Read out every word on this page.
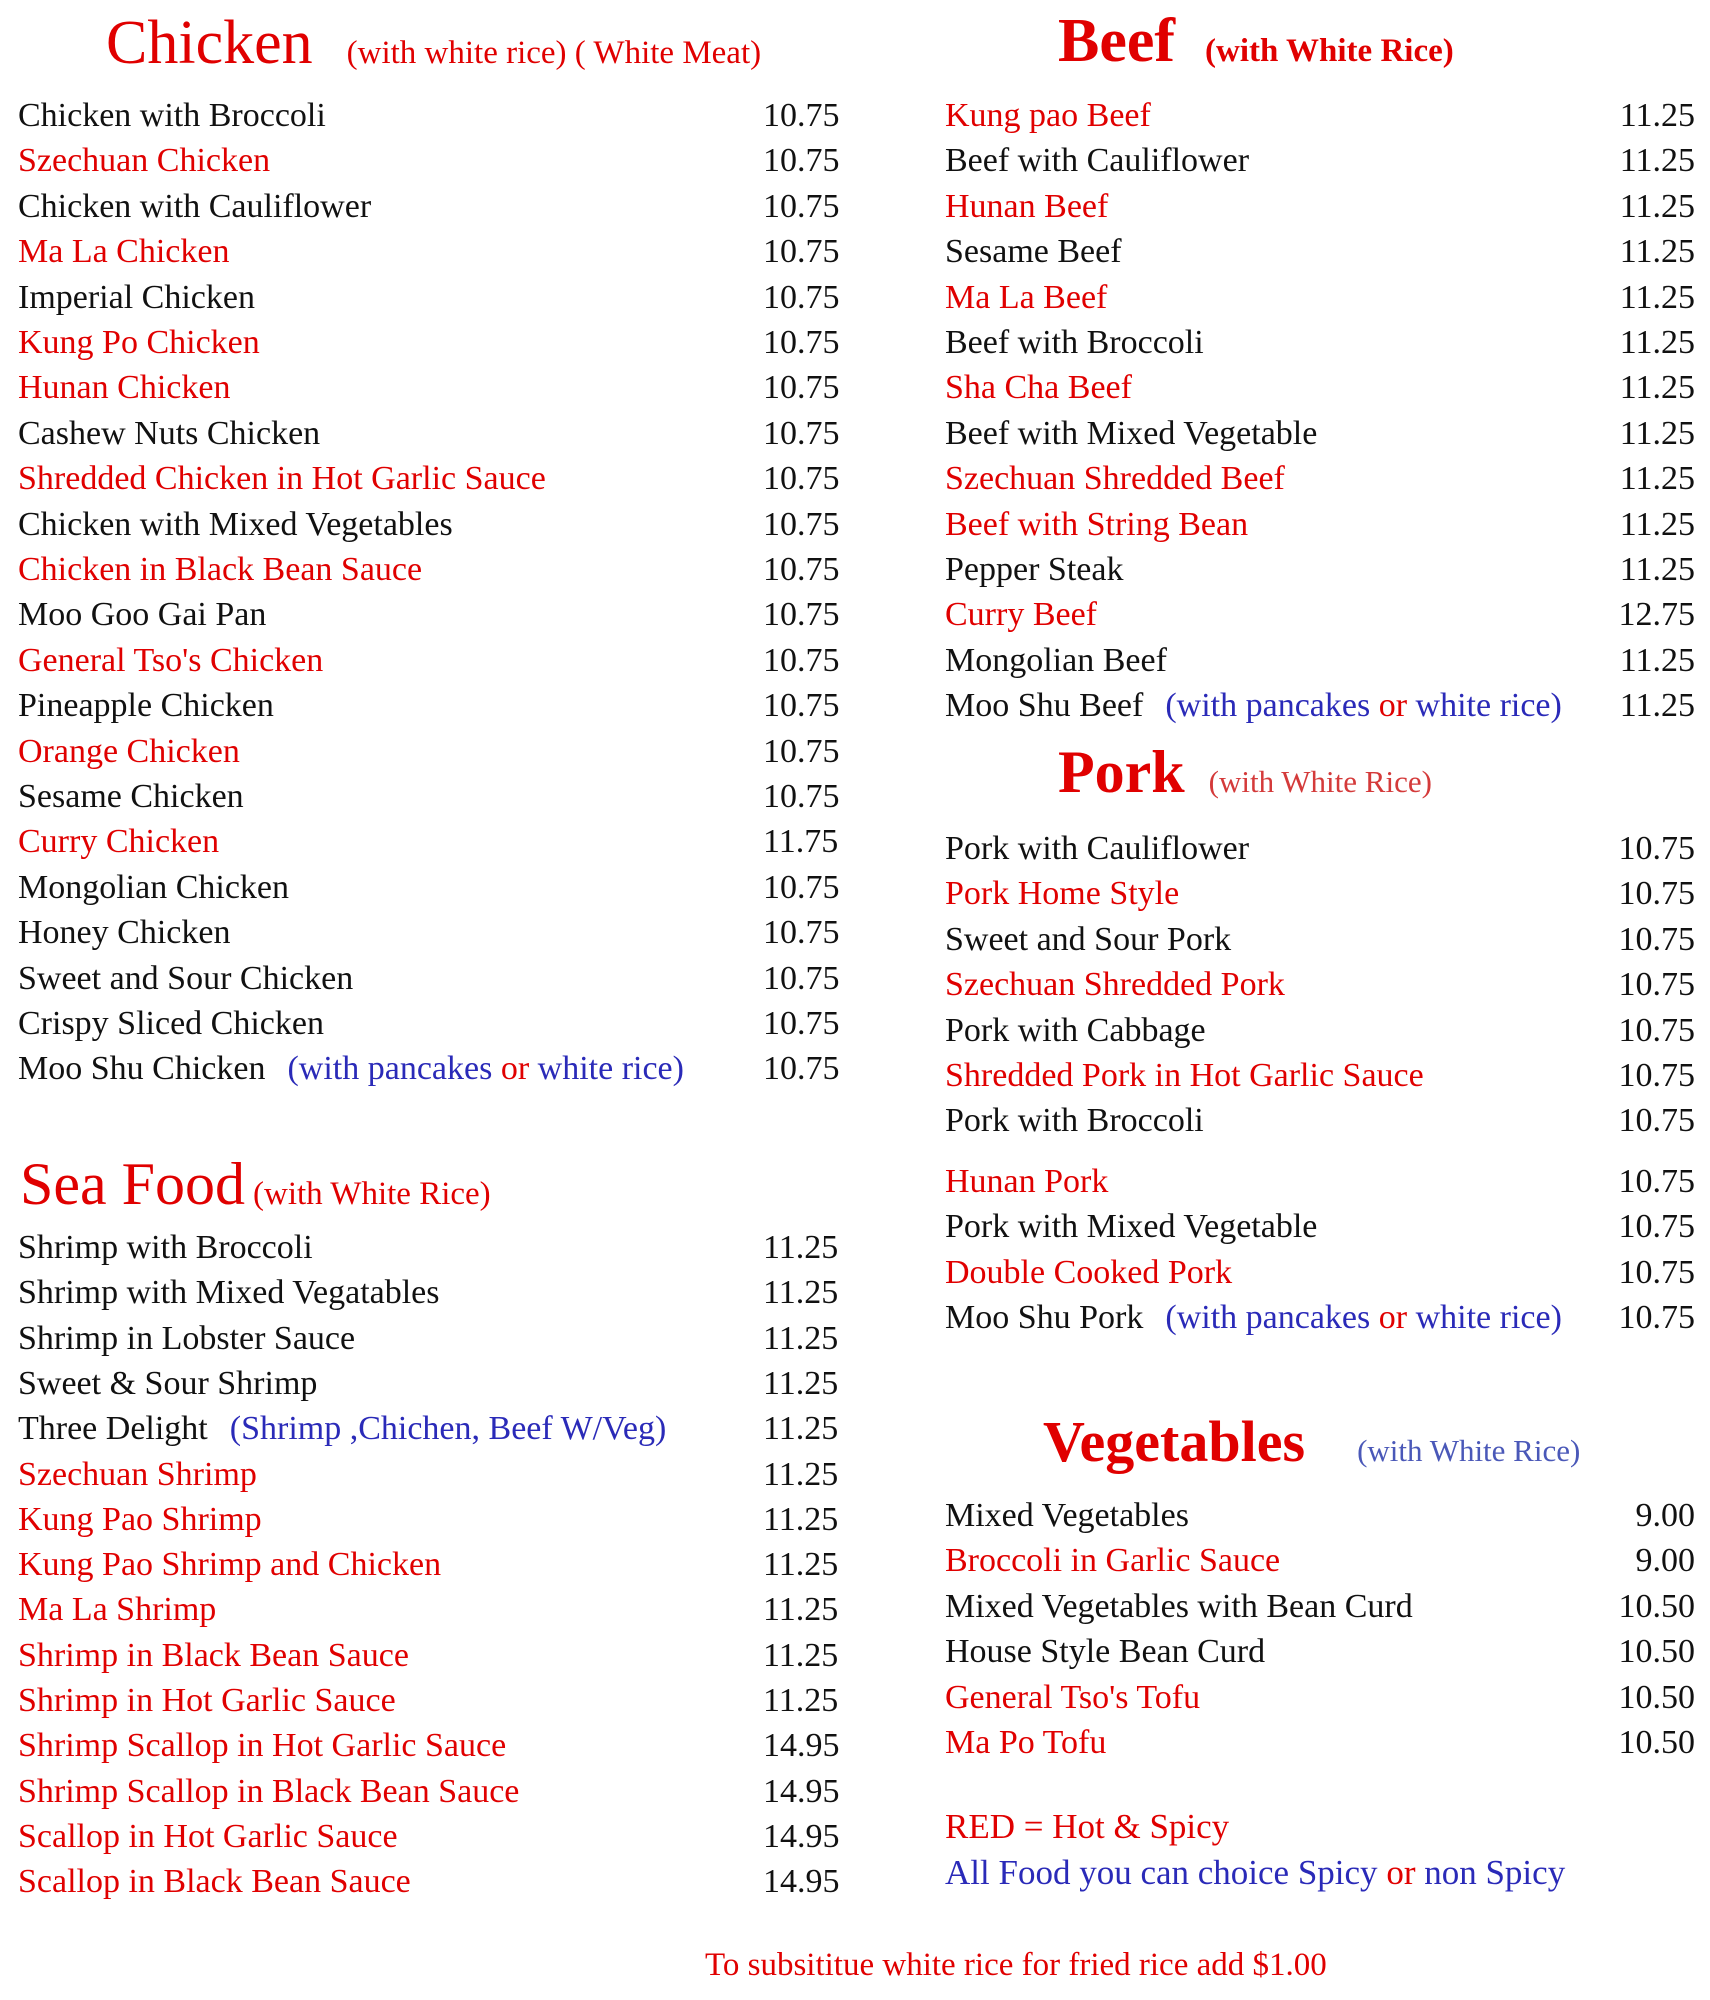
Chicken (with white rice) ( White Meat)
Chicken with Broccoli	10.75
Szechuan Chicken	10.75
Chicken with Cauliflower	10.75
Ma La Chicken	10.75
Imperial Chicken	10.75
Kung Po Chicken	10.75
Hunan Chicken	10.75
Cashew Nuts Chicken	10.75
Shredded Chicken in Hot Garlic Sauce	10.75
Chicken with Mixed Vegetables	10.75
Chicken in Black Bean Sauce	10.75
Moo Goo Gai Pan	10.75
General Tso's Chicken	10.75
Pineapple Chicken	10.75
Orange Chicken	10.75
Sesame Chicken	10.75
Curry Chicken	11.75
Mongolian Chicken	10.75
Honey Chicken	10.75
Sweet and Sour Chicken	10.75
Crispy Sliced Chicken	10.75
Moo Shu Chicken (with pancakes or white rice) 10.75
Sea Food (with White Rice)
Shrimp with Broccoli	11.25
Shrimp with Mixed Vegatables	11.25
Shrimp in Lobster Sauce	11.25
Sweet & Sour Shrimp	11.25
Three Delight (Shrimp ,Chichen, Beef W/Veg)	11.25
Szechuan Shrimp	11.25
Kung Pao Shrimp	11.25
Kung Pao Shrimp and Chicken	11.25
Ma La Shrimp	11.25
Shrimp in Black Bean Sauce	11.25
Shrimp in Hot Garlic Sauce	11.25
Shrimp Scallop in Hot Garlic Sauce	14.95
Shrimp Scallop in Black Bean Sauce	14.95
Scallop in Hot Garlic Sauce	14.95
Scallop in Black Bean Sauce	14.95
Beef (with White Rice)
Kung pao Beef	11.25
Beef with Cauliflower	11.25
Hunan Beef	11.25
Sesame Beef	11.25
Ma La Beef	11.25
Beef with Broccoli	11.25
Sha Cha Beef	11.25
Beef with Mixed Vegetable	11.25
Szechuan Shredded Beef	11.25
Beef with String Bean	11.25
Pepper Steak	11.25
Curry Beef	12.75
Mongolian Beef	11.25
Moo Shu Beef (with pancakes or white rice) 11.25
Pork (with White Rice)
Pork with Cauliflower	10.75
Pork Home Style	10.75
Sweet and Sour Pork	10.75
Szechuan Shredded Pork	10.75
Pork with Cabbage	10.75
Shredded Pork in Hot Garlic Sauce	10.75
Pork with Broccoli	10.75
Hunan Pork	10.75
Pork with Mixed Vegetable	10.75
Double Cooked Pork	10.75
Moo Shu Pork (with pancakes or white rice) 10.75
Vegetables (with White Rice)
Mixed Vegetables	9.00
Broccoli in Garlic Sauce	9.00
Mixed Vegetables with Bean Curd	10.50
House Style Bean Curd	10.50
General Tso's Tofu	10.50
Ma Po Tofu	10.50
RED = Hot & Spicy
All Food you can choice Spicy or non Spicy
To subsititue white rice for fried rice add $1.00
